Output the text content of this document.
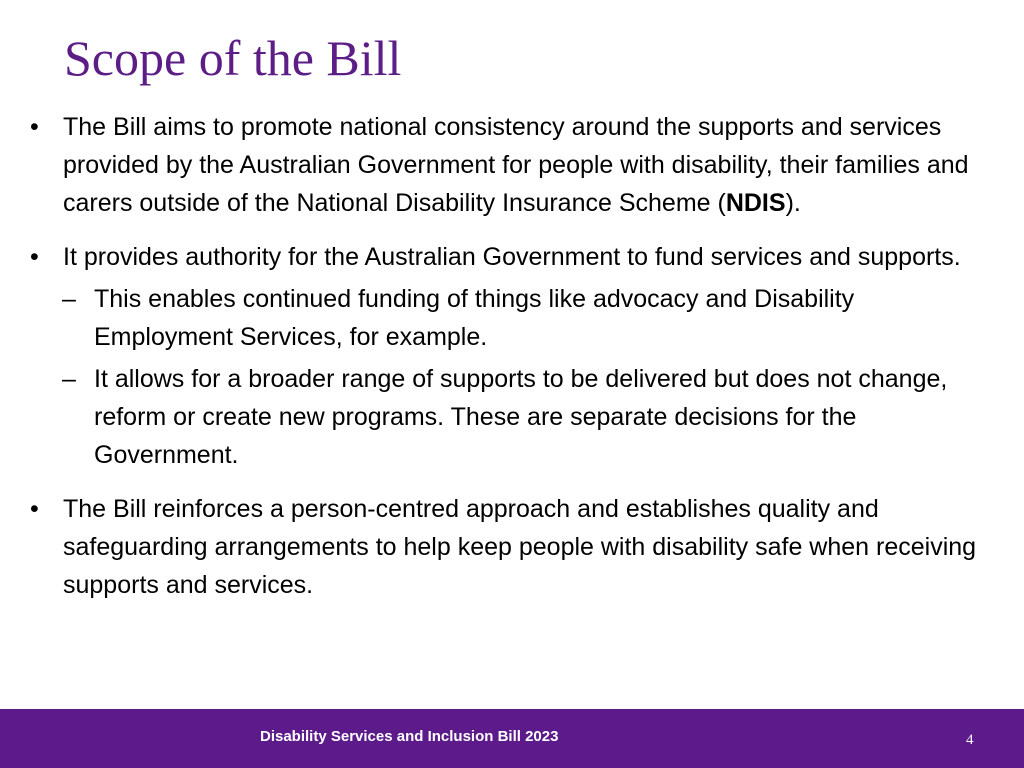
Scope of the Bill
• The Bill aims to promote national consistency around the supports and services provided by the Australian Government for people with disability, their families and carers outside of the National Disability Insurance Scheme (NDIS).
• It provides authority for the Australian Government to fund services and supports.
– This enables continued funding of things like advocacy and Disability Employment Services, for example.
– It allows for a broader range of supports to be delivered but does not change, reform or create new programs. These are separate decisions for the Government.
• The Bill reinforces a person-centred approach and establishes quality and safeguarding arrangements to help keep people with disability safe when receiving supports and services.
Disability Services and Inclusion Bill 2023	4
